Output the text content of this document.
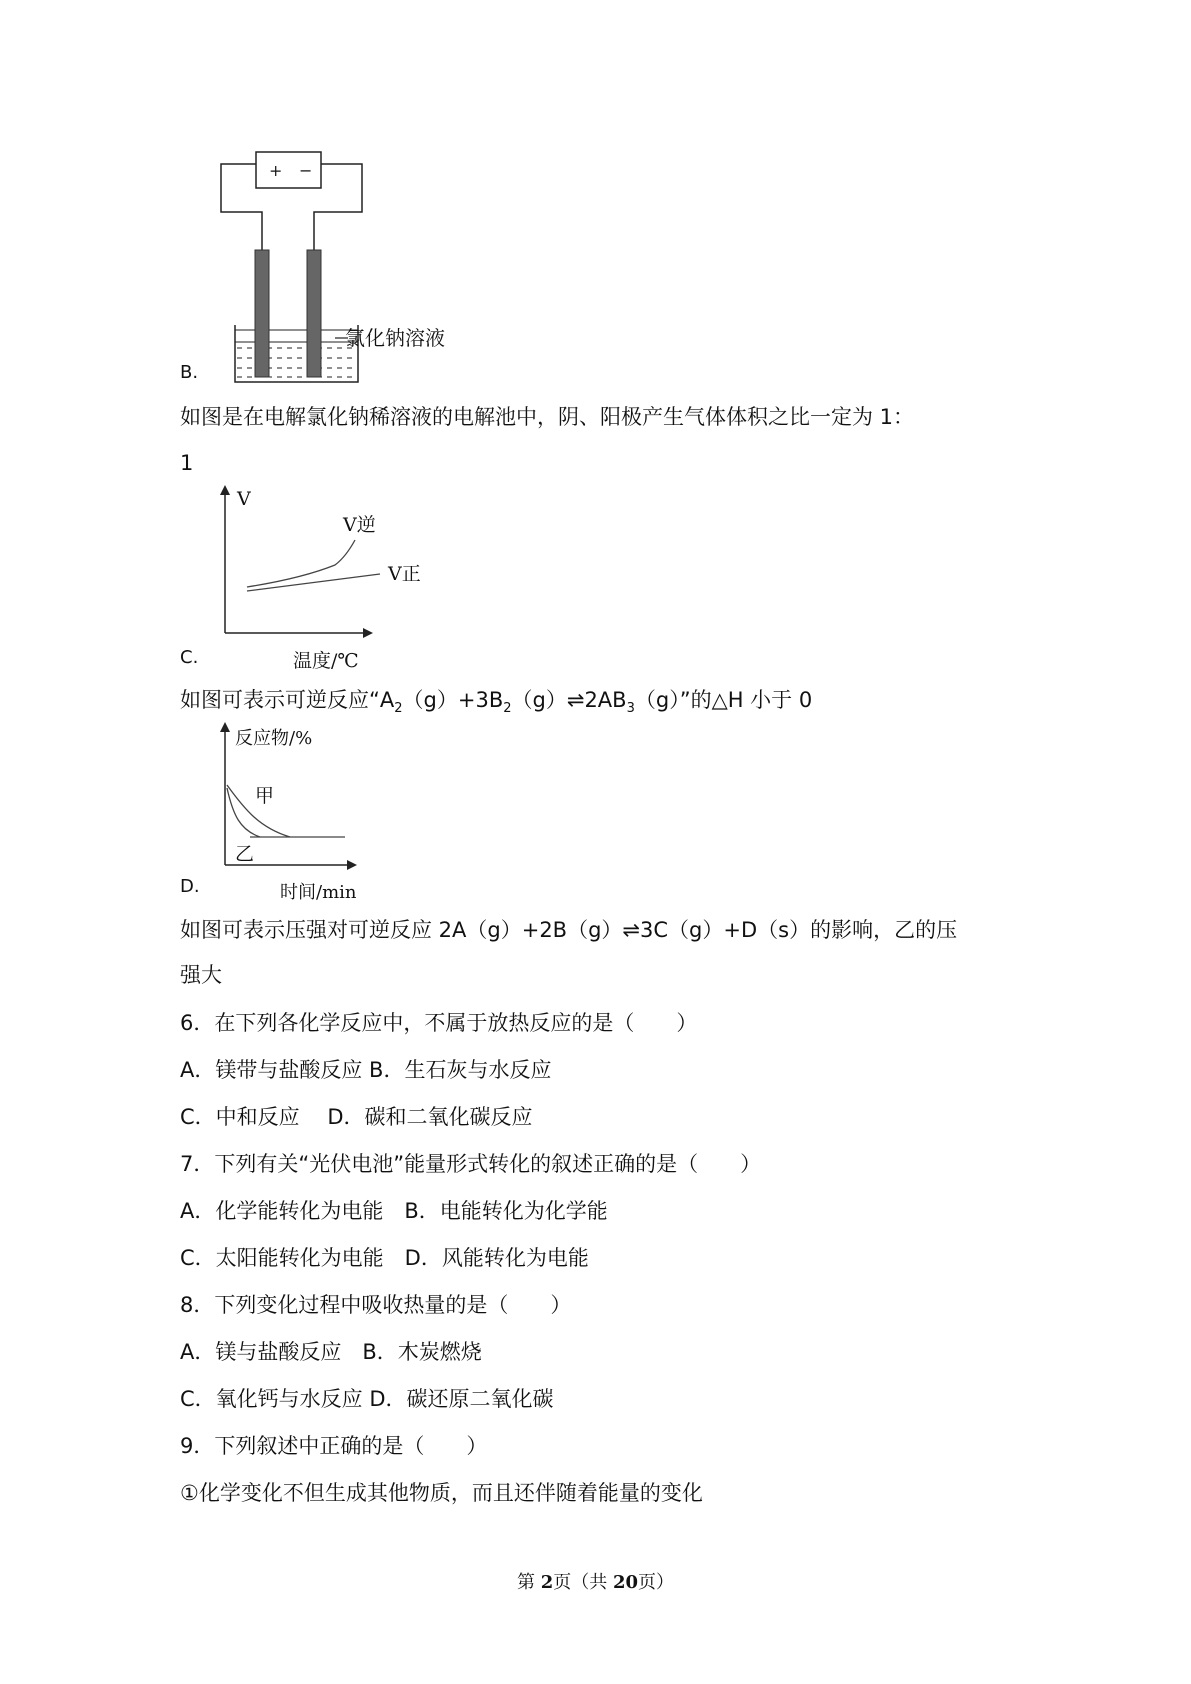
+ −
氯化钠溶液
B.
如图是在电解氯化钠稀溶液的电解池中，阴、阳极产生气体体积之比一定为 1：
1
V
V逆
V正
温度/℃
C.
如图可表示可逆反应“$A_2(g)+3B_2(g)\rightleftharpoons 2AB_3(g)$”的△H 小于 0
反应物/%
甲
乙
时间/min
D.
如图可表示压强对可逆反应 2A（g）+2B（g）⇌3C（g）+D（s）的影响，乙的压
强大
6．在下列各化学反应中，不属于放热反应的是（　　）
A．镁带与盐酸反应 B．生石灰与水反应
C．中和反应　 D．碳和二氧化碳反应
7．下列有关“光伏电池”能量形式转化的叙述正确的是（　　）
A．化学能转化为电能　B．电能转化为化学能
C．太阳能转化为电能　D．风能转化为电能
8．下列变化过程中吸收热量的是（　　）
A．镁与盐酸反应　B．木炭燃烧
C．氧化钙与水反应 D．碳还原二氧化碳
9．下列叙述中正确的是（　　）
①化学变化不但生成其他物质，而且还伴随着能量的变化
第 2页（共 20页）
